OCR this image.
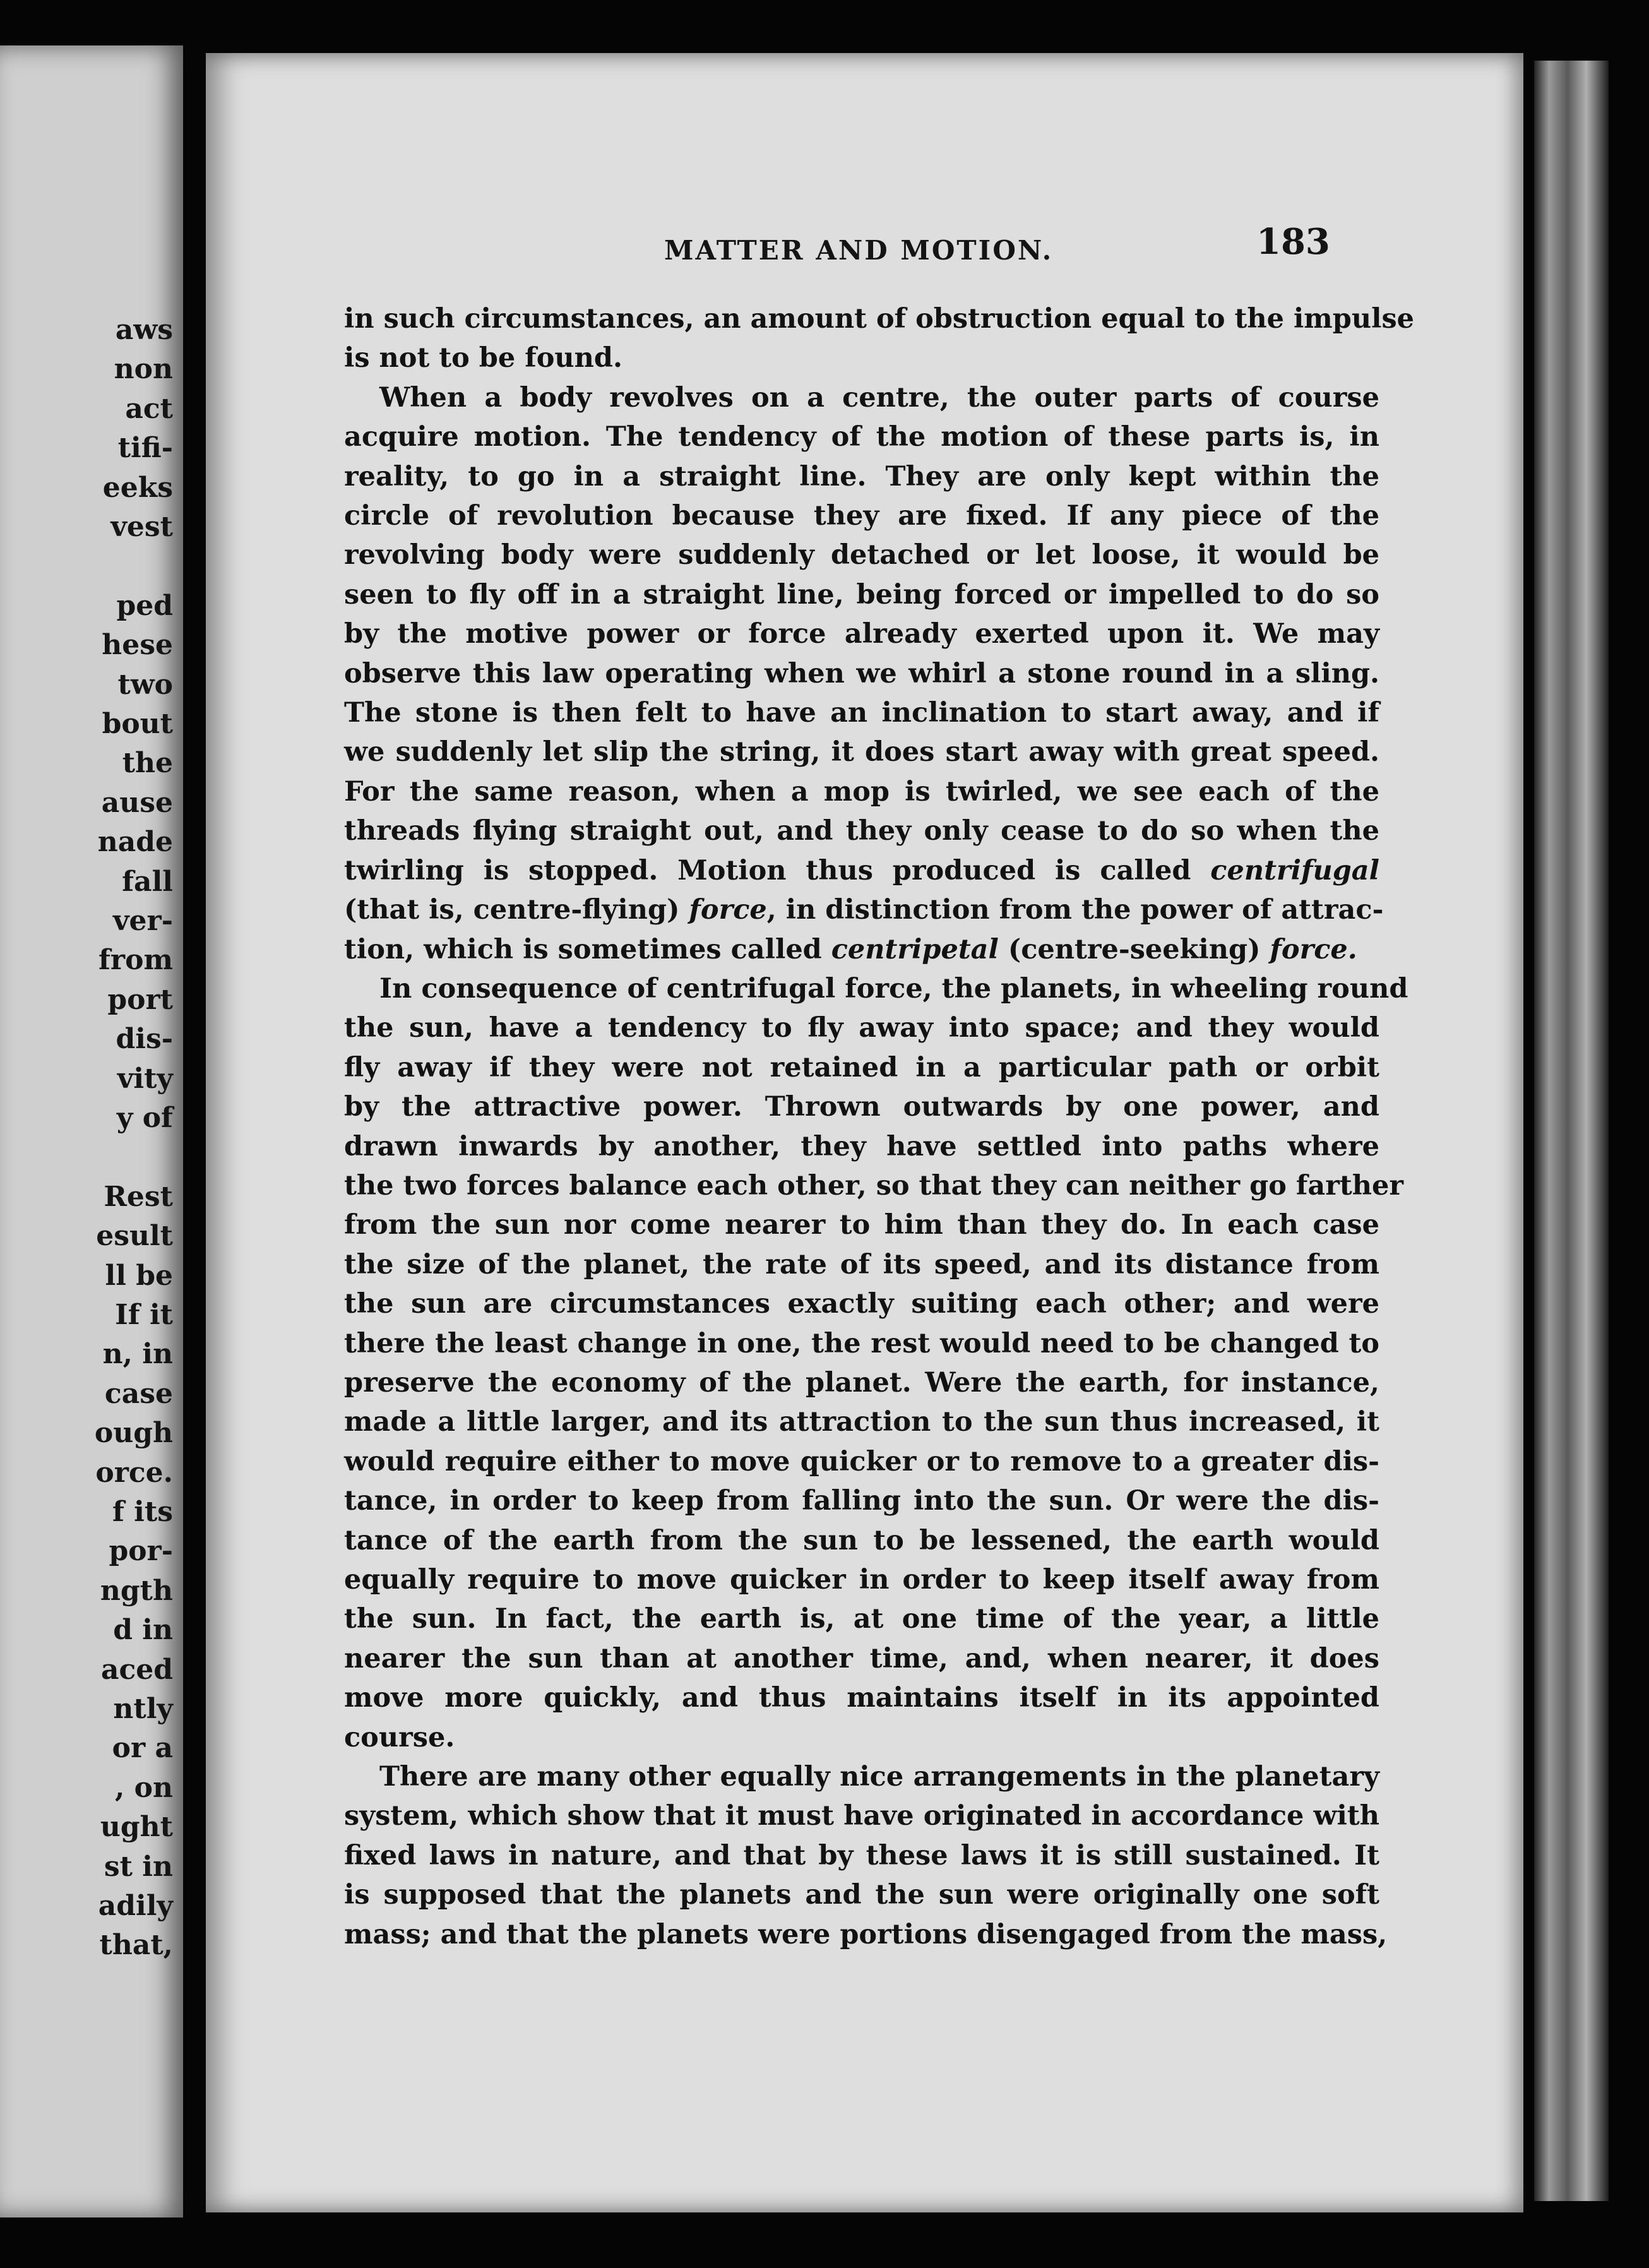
aws
non
act
tifi-
eeks
vest
ped
hese
two
bout
the
ause
nade
fall
ver-
from
port
dis-
vity
y of
Rest
esult
ll be
If it
n, in
case
ough
orce.
f its
por-
ngth
d in
aced
ntly
or a
, on
ught
st in
adily
that,
MATTER AND MOTION.	183
in such circumstances, an amount of obstruction equal to the impulse
is not to be found.
When a body revolves on a centre, the outer parts of course
acquire motion. The tendency of the motion of these parts is, in
reality, to go in a straight line. They are only kept within the
circle of revolution because they are fixed. If any piece of the
revolving body were suddenly detached or let loose, it would be
seen to fly off in a straight line, being forced or impelled to do so
by the motive power or force already exerted upon it. We may
observe this law operating when we whirl a stone round in a sling.
The stone is then felt to have an inclination to start away, and if
we suddenly let slip the string, it does start away with great speed.
For the same reason, when a mop is twirled, we see each of the
threads flying straight out, and they only cease to do so when the
twirling is stopped. Motion thus produced is called centrifugal
(that is, centre-flying) force, in distinction from the power of attrac-
tion, which is sometimes called centripetal (centre-seeking) force.
In consequence of centrifugal force, the planets, in wheeling round
the sun, have a tendency to fly away into space; and they would
fly away if they were not retained in a particular path or orbit
by the attractive power. Thrown outwards by one power, and
drawn inwards by another, they have settled into paths where
the two forces balance each other, so that they can neither go farther
from the sun nor come nearer to him than they do. In each case
the size of the planet, the rate of its speed, and its distance from
the sun are circumstances exactly suiting each other; and were
there the least change in one, the rest would need to be changed to
preserve the economy of the planet. Were the earth, for instance,
made a little larger, and its attraction to the sun thus increased, it
would require either to move quicker or to remove to a greater dis-
tance, in order to keep from falling into the sun. Or were the dis-
tance of the earth from the sun to be lessened, the earth would
equally require to move quicker in order to keep itself away from
the sun. In fact, the earth is, at one time of the year, a little
nearer the sun than at another time, and, when nearer, it does
move more quickly, and thus maintains itself in its appointed
course.
There are many other equally nice arrangements in the planetary
system, which show that it must have originated in accordance with
fixed laws in nature, and that by these laws it is still sustained. It
is supposed that the planets and the sun were originally one soft
mass; and that the planets were portions disengaged from the mass,
